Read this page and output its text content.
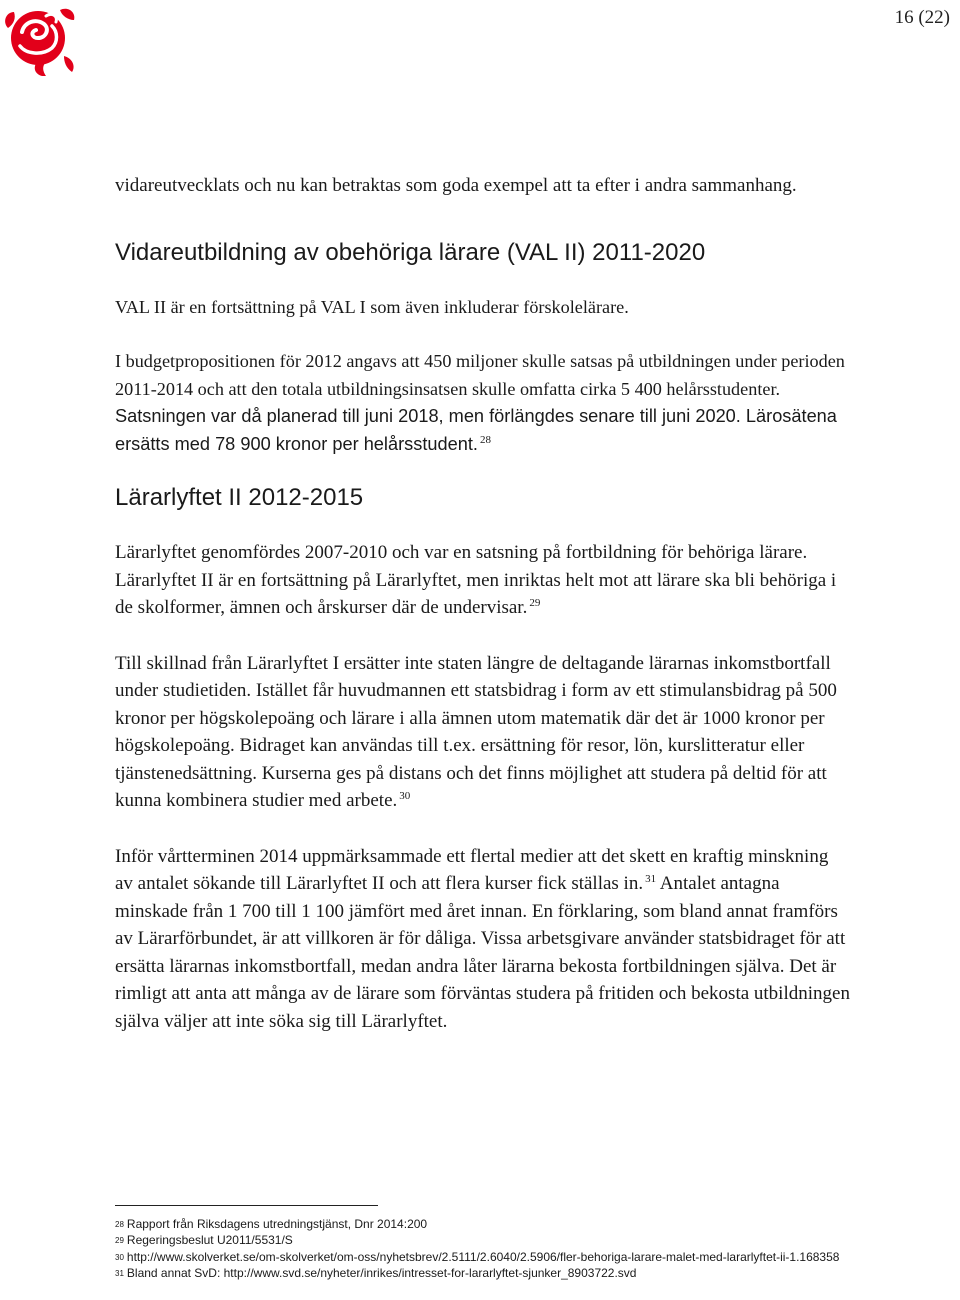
16 (22)

vidareutvecklats och nu kan betraktas som goda exempel att ta efter i andra sammanhang.

Vidareutbildning av obehöriga lärare (VAL II) 2011-2020

VAL II är en fortsättning på VAL I som även inkluderar förskolelärare.

I budgetpropositionen för 2012 angavs att 450 miljoner skulle satsas på utbildningen under perioden 2011-2014 och att den totala utbildningsinsatsen skulle omfatta cirka 5 400 helårsstudenter. Satsningen var då planerad till juni 2018, men förlängdes senare till juni 2020. Lärosätena ersätts med 78 900 kronor per helårsstudent. $^{28}$

Lärarlyftet II 2012-2015

Lärarlyftet genomfördes 2007-2010 och var en satsning på fortbildning för behöriga lärare. Lärarlyftet II är en fortsättning på Lärarlyftet, men inriktas helt mot att lärare ska bli behöriga i de skolformer, ämnen och årskurser där de undervisar. $^{29}$

Till skillnad från Lärarlyftet I ersätter inte staten längre de deltagande lärarnas inkomstbortfall under studietiden. Istället får huvudmannen ett statsbidrag i form av ett stimulansbidrag på 500 kronor per högskolepoäng och lärare i alla ämnen utom matematik där det är 1000 kronor per högskolepoäng. Bidraget kan användas till t.ex. ersättning för resor, lön, kurslitteratur eller tjänstenedsättning. Kurserna ges på distans och det finns möjlighet att studera på deltid för att kunna kombinera studier med arbete. $^{30}$

Inför vårtterminen 2014 uppmärksammade ett flertal medier att det skett en kraftig minskning av antalet sökande till Lärarlyftet II och att flera kurser fick ställas in. $^{31}$ Antalet antagna minskade från 1 700 till 1 100 jämfört med året innan. En förklaring, som bland annat framförs av Lärarförbundet, är att villkoren är för dåliga. Vissa arbetsgivare använder statsbidraget för att ersätta lärarnas inkomstbortfall, medan andra låter lärarna bekosta fortbildningen själva. Det är rimligt att anta att många av de lärare som förväntas studera på fritiden och bekosta utbildningen själva väljer att inte söka sig till Lärarlyftet.

$^{28}$ Rapport från Riksdagens utredningstjänst, Dnr 2014:200
$^{29}$ Regeringsbeslut U2011/5531/S
$^{30}$ http://www.skolverket.se/om-skolverket/om-oss/nyhetsbrev/2.5111/2.6040/2.5906/fler-behoriga-larare-malet-med-lararlyftet-ii-1.168358
$^{31}$ Bland annat SvD: http://www.svd.se/nyheter/inrikes/intresset-for-lararlyftet-sjunker_8903722.svd
